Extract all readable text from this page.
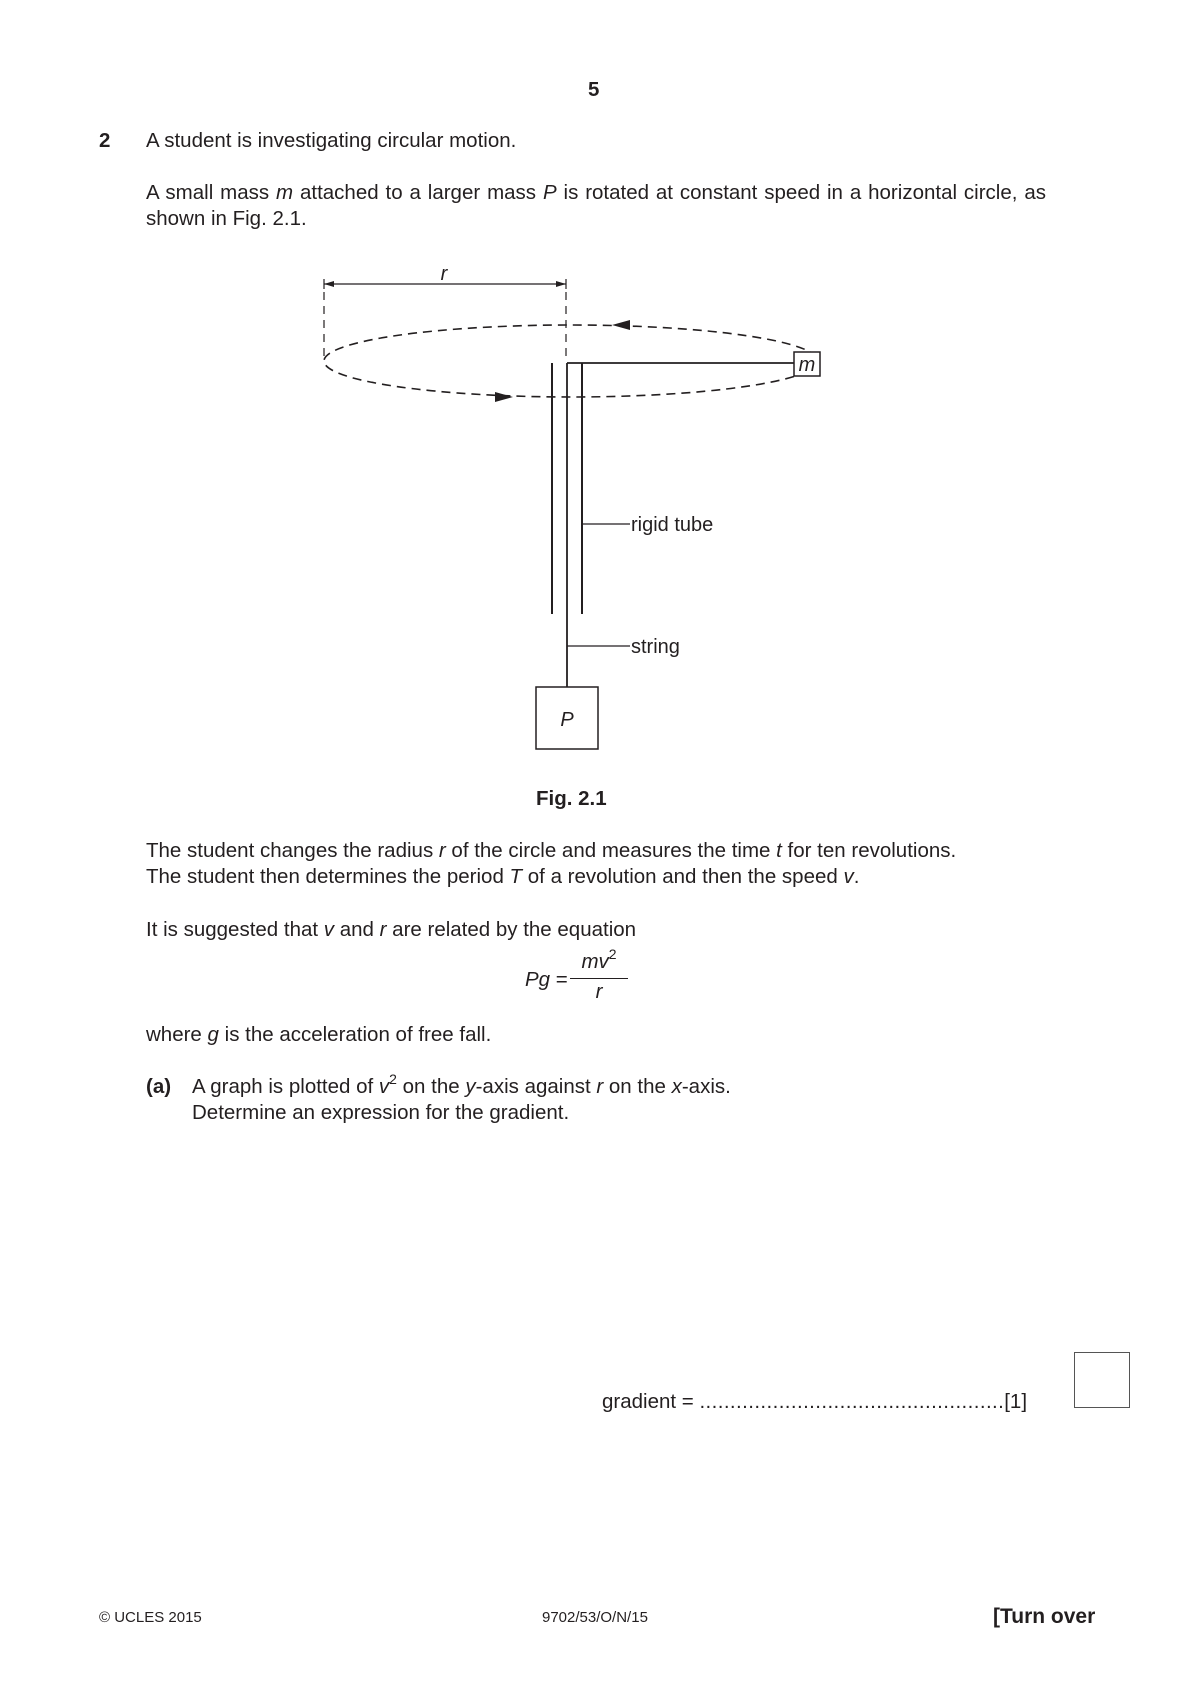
5
2 A student is investigating circular motion.
A small mass m attached to a larger mass P is rotated at constant speed in a horizontal circle, as shown in Fig. 2.1.
r
m
P
rigid tube
string
Fig. 2.1
The student changes the radius r of the circle and measures the time t for ten revolutions.
The student then determines the period T of a revolution and then the speed v.
It is suggested that v and r are related by the equation
Pg =
$mv^2$
r
where g is the acceleration of free fall.
(a) A graph is plotted of $v^2$ on the y-axis against r on the x-axis.
Determine an expression for the gradient.
gradient = ..................................................[1]
© UCLES 2015	9702/53/O/N/15	[Turn over
